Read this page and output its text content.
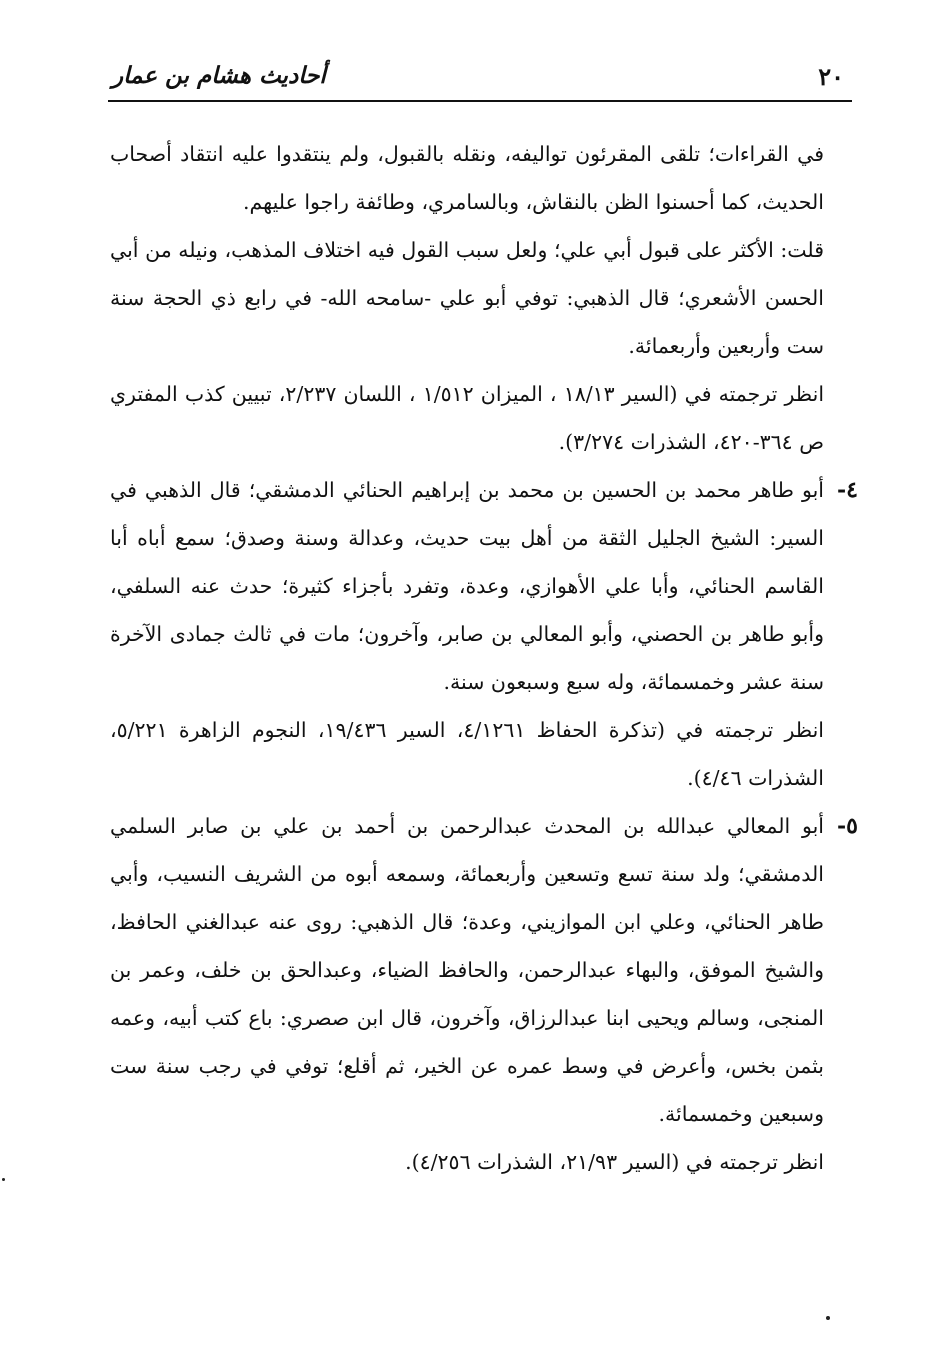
٢٠
أحاديث هشام بن عمار

في القراءات؛ تلقى المقرئون تواليفه، ونقله بالقبول، ولم ينتقدوا عليه انتقاد أصحاب الحديث، كما أحسنوا الظن بالنقاش، وبالسامري، وطائفة راجوا عليهم.

قلت: الأكثر على قبول أبي علي؛ ولعل سبب القول فيه اختلاف المذهب، ونيله من أبي الحسن الأشعري؛ قال الذهبي: توفي أبو علي -سامحه الله- في رابع ذي الحجة سنة ست وأربعين وأربعمائة.

انظر ترجمته في (السير ١٨/١٣ ، الميزان ١/٥١٢ ، اللسان ٢/٢٣٧، تبيين كذب المفتري ص ٣٦٤-٤٢٠، الشذرات ٣/٢٧٤).

٤-

أبو طاهر محمد بن الحسين بن محمد بن إبراهيم الحنائي الدمشقي؛ قال الذهبي في السير: الشيخ الجليل الثقة من أهل بيت حديث، وعدالة وسنة وصدق؛ سمع أباه أبا القاسم الحنائي، وأبا علي الأهوازي، وعدة، وتفرد بأجزاء كثيرة؛ حدث عنه السلفي، وأبو طاهر بن الحصني، وأبو المعالي بن صابر، وآخرون؛ مات في ثالث جمادى الآخرة سنة عشر وخمسمائة، وله سبع وسبعون سنة.

انظر ترجمته في (تذكرة الحفاظ ٤/١٢٦١، السير ١٩/٤٣٦، النجوم الزاهرة ٥/٢٢١، الشذرات ٤/٤٦).

٥-

أبو المعالي عبدالله بن المحدث عبدالرحمن بن أحمد بن علي بن صابر السلمي الدمشقي؛ ولد سنة تسع وتسعين وأربعمائة، وسمعه أبوه من الشريف النسيب، وأبي طاهر الحنائي، وعلي ابن الموازيني، وعدة؛ قال الذهبي: روى عنه عبدالغني الحافظ، والشيخ الموفق، والبهاء عبدالرحمن، والحافظ الضياء، وعبدالحق بن خلف، وعمر بن المنجى، وسالم ويحيى ابنا عبدالرزاق، وآخرون، قال ابن صصري: باع كتب أبيه، وعمه بثمن بخس، وأعرض في وسط عمره عن الخير، ثم أقلع؛ توفي في رجب سنة ست وسبعين وخمسمائة.

انظر ترجمته في (السير ٢١/٩٣، الشذرات ٤/٢٥٦).
